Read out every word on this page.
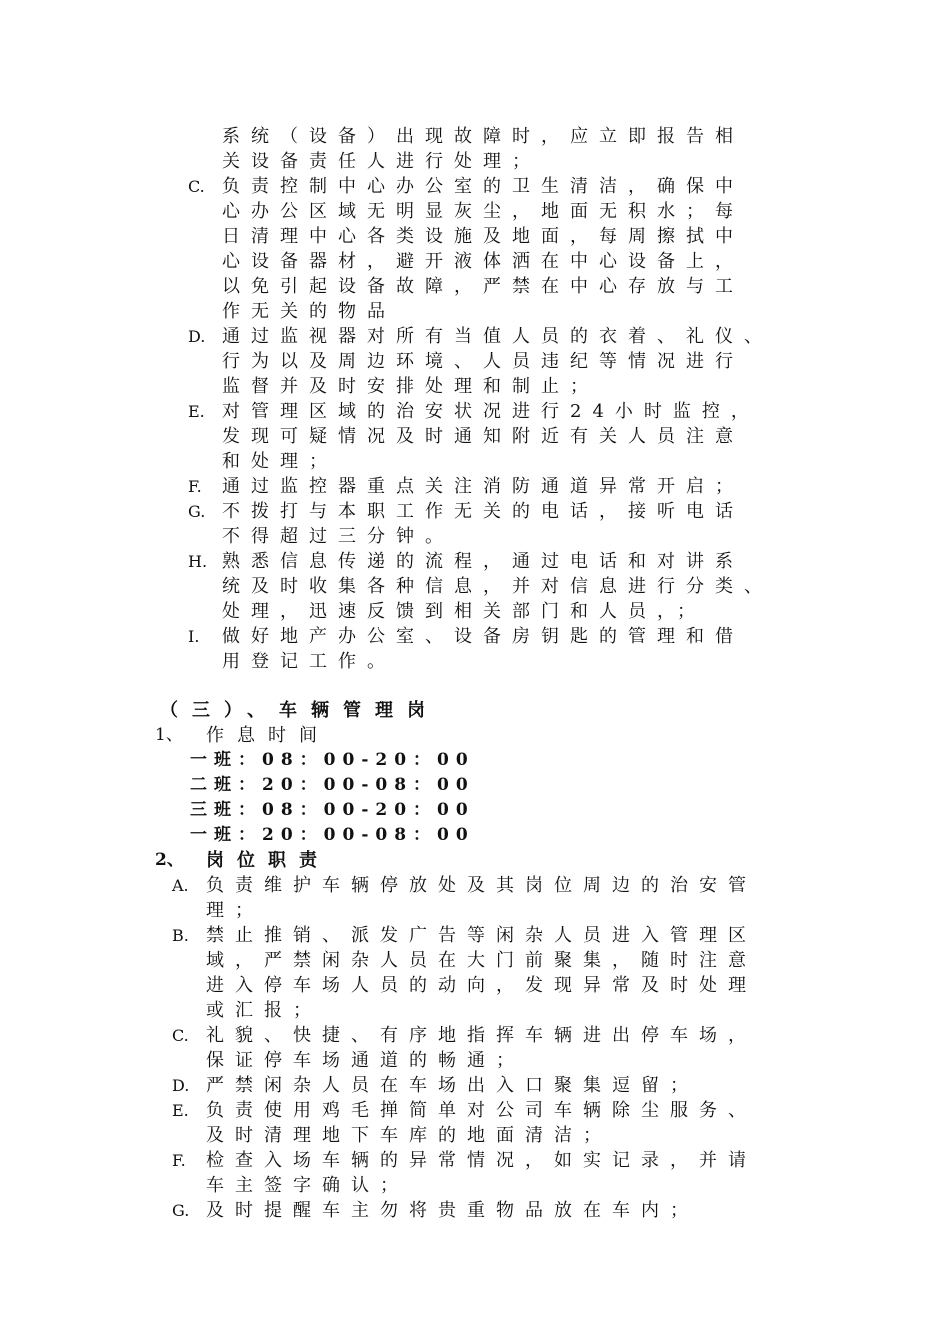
系统（设备）出现故障时，应立即报告相
关设备责任人进行处理；
C. 负责控制中心办公室的卫生清洁，确保中
心办公区域无明显灰尘，地面无积水；每
日清理中心各类设施及地面，每周擦拭中
心设备器材，避开液体洒在中心设备上，
以免引起设备故障，严禁在中心存放与工
作无关的物品
D. 通过监视器对所有当值人员的衣着、礼仪、
行为以及周边环境、人员违纪等情况进行
监督并及时安排处理和制止；
E. 对管理区域的治安状况进行24小时监控，
发现可疑情况及时通知附近有关人员注意
和处理；
F. 通过监控器重点关注消防通道异常开启；
G. 不拨打与本职工作无关的电话，接听电话
不得超过三分钟。
H. 熟悉信息传递的流程，通过电话和对讲系
统及时收集各种信息，并对信息进行分类、
处理，迅速反馈到相关部门和人员，；
I. 做好地产办公室、设备房钥匙的管理和借
用登记工作。
（三）、车辆管理岗
1、 作息时间
一班：08：00-20：00
二班：20：00-08：00
三班：08：00-20：00
一班：20：00-08：00
2、 岗位职责
A. 负责维护车辆停放处及其岗位周边的治安管
理；
B. 禁止推销、派发广告等闲杂人员进入管理区
域，严禁闲杂人员在大门前聚集，随时注意
进入停车场人员的动向，发现异常及时处理
或汇报；
C. 礼貌、快捷、有序地指挥车辆进出停车场，
保证停车场通道的畅通；
D. 严禁闲杂人员在车场出入口聚集逗留；
E. 负责使用鸡毛掸简单对公司车辆除尘服务、
及时清理地下车库的地面清洁；
F. 检查入场车辆的异常情况，如实记录，并请
车主签字确认；
G. 及时提醒车主勿将贵重物品放在车内；
